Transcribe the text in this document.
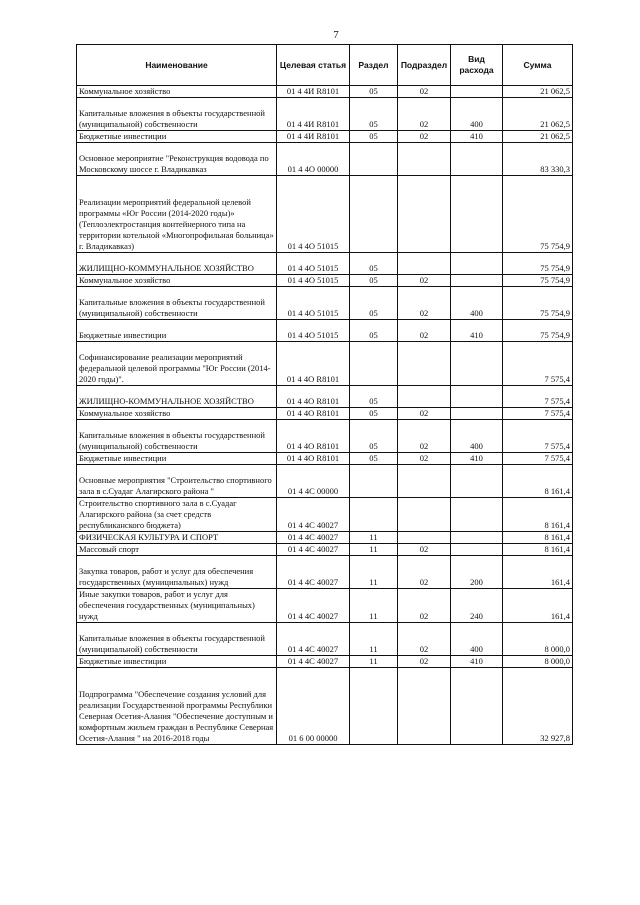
7
Наименование	Целевая статья	Раздел	Подраздел	Вид расхода	Сумма
Коммунальное хозяйство	01 4 4И R8101	05	02		21 062,5
Капитальные вложения в объекты государственной (муниципальной) собственности	01 4 4И R8101	05	02	400	21 062,5
Бюджетные инвестиции	01 4 4И R8101	05	02	410	21 062,5
Основное мероприятие "Реконструкция водовода по Московскому шоссе г. Владикавказ	01 4 4О 00000				83 330,3
Реализации мероприятий федеральной целевой программы «Юг России (2014-2020 годы)» (Теплоэлектростанция контейнерного типа на территории котельной «Многопрофильная больница» г. Владикавказ)	01 4 4О 51015				75 754,9
ЖИЛИЩНО-КОММУНАЛЬНОЕ ХОЗЯЙСТВО	01 4 4О 51015	05			75 754,9
Коммунальное хозяйство	01 4 4О 51015	05	02		75 754,9
Капитальные вложения в объекты государственной (муниципальной) собственности	01 4 4О 51015	05	02	400	75 754,9
Бюджетные инвестиции	01 4 4О 51015	05	02	410	75 754,9
Софинансирование реализации мероприятий федеральной целевой программы "Юг России (2014-2020 годы)".	01 4 4О R8101				7 575,4
ЖИЛИЩНО-КОММУНАЛЬНОЕ ХОЗЯЙСТВО	01 4 4О R8101	05			7 575,4
Коммунальное хозяйство	01 4 4О R8101	05	02		7 575,4
Капитальные вложения в объекты государственной (муниципальной) собственности	01 4 4О R8101	05	02	400	7 575,4
Бюджетные инвестиции	01 4 4О R8101	05	02	410	7 575,4
Основные мероприятия "Строительство спортивного зала в с.Суадаг Алагирского района "	01 4 4С 00000				8 161,4
Строительство спортивного зала в с.Суадаг Алагирского района (за счет средств республиканского бюджета)	01 4 4С 40027				8 161,4
ФИЗИЧЕСКАЯ КУЛЬТУРА И СПОРТ	01 4 4С 40027	11			8 161,4
Массовый спорт	01 4 4С 40027	11	02		8 161,4
Закупка товаров, работ и услуг для обеспечения государственных (муниципальных) нужд	01 4 4С 40027	11	02	200	161,4
Иные закупки товаров, работ и услуг для обеспечения государственных (муниципальных) нужд	01 4 4С 40027	11	02	240	161,4
Капитальные вложения в объекты государственной (муниципальной) собственности	01 4 4С 40027	11	02	400	8 000,0
Бюджетные инвестиции	01 4 4С 40027	11	02	410	8 000,0
Подпрограмма "Обеспечение создания условий для реализации Государственной программы Республики Северная Осетия-Алания "Обеспечение доступным и комфортным жильем граждан в Республике Северная Осетия-Алания " на 2016-2018 годы	01 6 00 00000				32 927,8
